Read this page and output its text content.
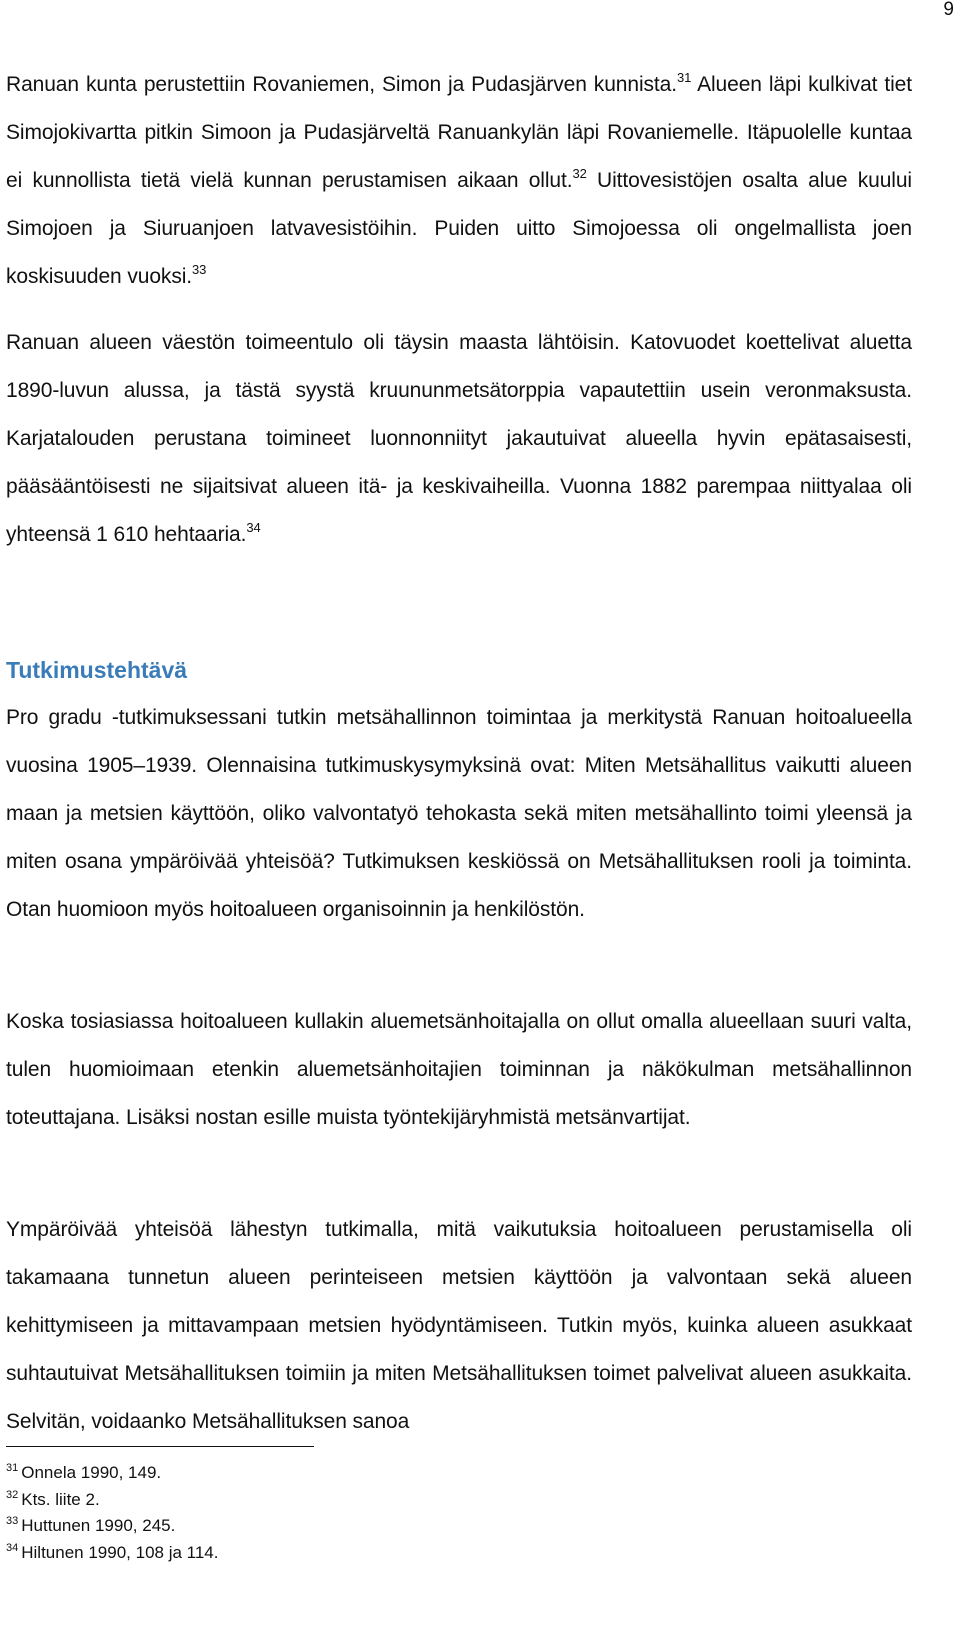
9

Ranuan kunta perustettiin Rovaniemen, Simon ja Pudasjärven kunnista.$^{31}$ Alueen läpi kulkivat tiet Simojokivartta pitkin Simoon ja Pudasjärveltä Ranuankylän läpi Rovaniemelle. Itäpuolelle kuntaa ei kunnollista tietä vielä kunnan perustamisen aikaan ollut.$^{32}$ Uittovesistöjen osalta alue kuului Simojoen ja Siuruanjoen latvavesistöihin. Puiden uitto Simojoessa oli ongelmallista joen koskisuuden vuoksi.$^{33}$

Ranuan alueen väestön toimeentulo oli täysin maasta lähtöisin. Katovuodet koettelivat aluetta 1890-luvun alussa, ja tästä syystä kruununmetsätorppia vapautettiin usein veronmaksusta. Karjatalouden perustana toimineet luonnonniityt jakautuivat alueella hyvin epätasaisesti, pääsääntöisesti ne sijaitsivat alueen itä- ja keskivaiheilla. Vuonna 1882 parempaa niittyalaa oli yhteensä 1 610 hehtaaria.$^{34}$

Tutkimustehtävä

Pro gradu -tutkimuksessani tutkin metsähallinnon toimintaa ja merkitystä Ranuan hoitoalueella vuosina 1905–1939. Olennaisina tutkimuskysymyksinä ovat: Miten Metsähallitus vaikutti alueen maan ja metsien käyttöön, oliko valvontatyö tehokasta sekä miten metsähallinto toimi yleensä ja miten osana ympäröivää yhteisöä? Tutkimuksen keskiössä on Metsähallituksen rooli ja toiminta. Otan huomioon myös hoitoalueen organisoinnin ja henkilöstön.

Koska tosiasiassa hoitoalueen kullakin aluemetsänhoitajalla on ollut omalla alueellaan suuri valta, tulen huomioimaan etenkin aluemetsänhoitajien toiminnan ja näkökulman metsähallinnon toteuttajana. Lisäksi nostan esille muista työntekijäryhmistä metsänvartijat.

Ympäröivää yhteisöä lähestyn tutkimalla, mitä vaikutuksia hoitoalueen perustamisella oli takamaana tunnetun alueen perinteiseen metsien käyttöön ja valvontaan sekä alueen kehittymiseen ja mittavampaan metsien hyödyntämiseen. Tutkin myös, kuinka alueen asukkaat suhtautuivat Metsähallituksen toimiin ja miten Metsähallituksen toimet palvelivat alueen asukkaita. Selvitän, voidaanko Metsähallituksen sanoa

$^{31}$ Onnela 1990, 149.
$^{32}$ Kts. liite 2.
$^{33}$ Huttunen 1990, 245.
$^{34}$ Hiltunen 1990, 108 ja 114.
